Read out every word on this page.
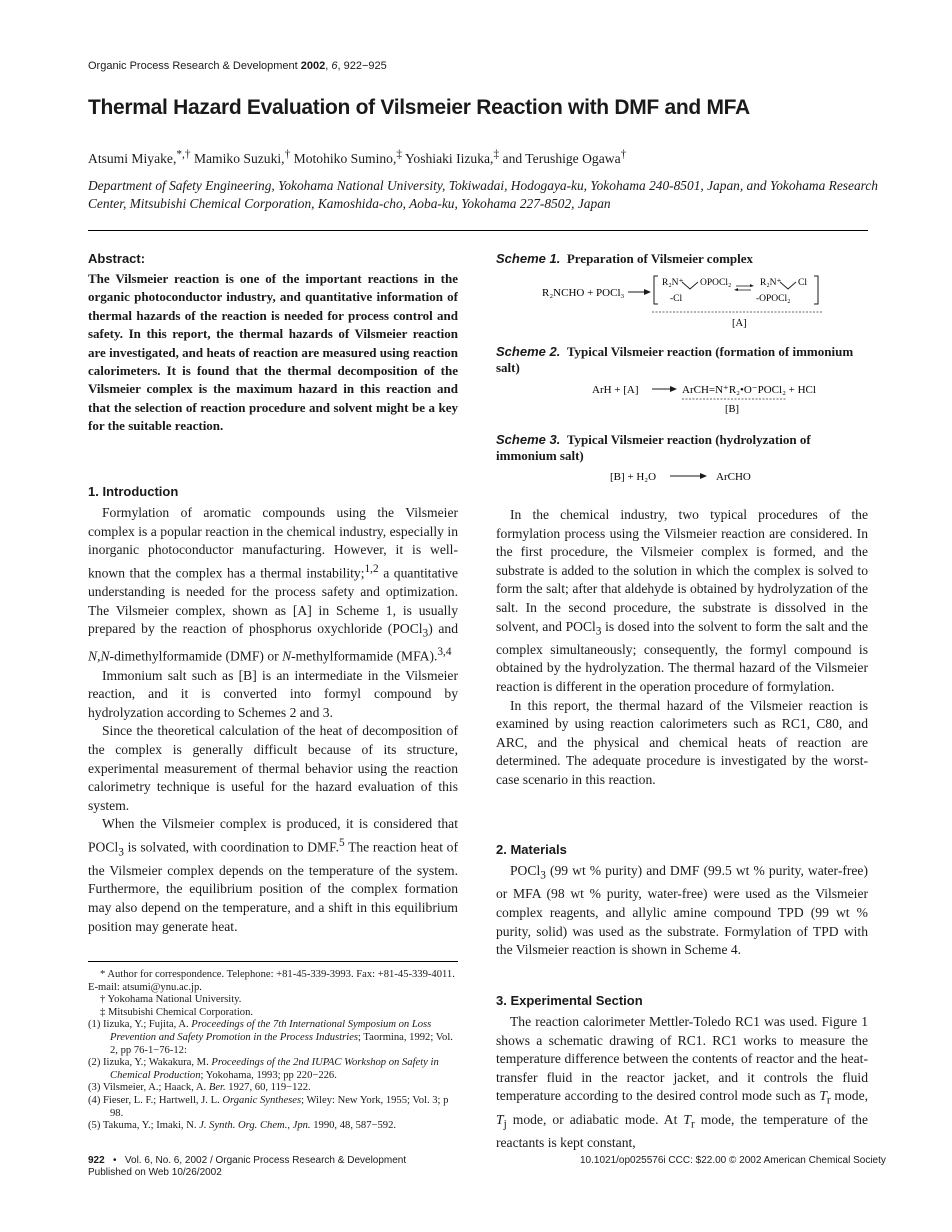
Organic Process Research & Development 2002, 6, 922−925
Thermal Hazard Evaluation of Vilsmeier Reaction with DMF and MFA
Atsumi Miyake,*,† Mamiko Suzuki,† Motohiko Sumino,‡ Yoshiaki Iizuka,‡ and Terushige Ogawa†
Department of Safety Engineering, Yokohama National University, Tokiwadai, Hodogaya-ku, Yokohama 240-8501, Japan, and Yokohama Research Center, Mitsubishi Chemical Corporation, Kamoshida-cho, Aoba-ku, Yokohama 227-8502, Japan
Abstract:
The Vilsmeier reaction is one of the important reactions in the organic photoconductor industry, and quantitative information of thermal hazards of the reaction is needed for process control and safety. In this report, the thermal hazards of Vilsmeier reaction are investigated, and heats of reaction are measured using reaction calorimeters. It is found that the thermal decomposition of the Vilsmeier complex is the maximum hazard in this reaction and that the selection of reaction procedure and solvent might be a key for the suitable reaction.
1. Introduction

Formylation of aromatic compounds using the Vilsmeier complex is a popular reaction in the chemical industry, especially in inorganic photoconductor manufacturing. However, it is well-known that the complex has a thermal instability;$^{1,2}$ a quantitative understanding is needed for the process safety and optimization. The Vilsmeier complex, shown as [A] in Scheme 1, is usually prepared by the reaction of phosphorus oxychloride (POCl$_3$) and N,N-dimethylformamide (DMF) or N-methylformamide (MFA).$^{3,4}$

Immonium salt such as [B] is an intermediate in the Vilsmeier reaction, and it is converted into formyl compound by hydrolyzation according to Schemes 2 and 3.

Since the theoretical calculation of the heat of decomposition of the complex is generally difficult because of its structure, experimental measurement of thermal behavior using the reaction calorimetry technique is useful for the hazard evaluation of this system.

When the Vilsmeier complex is produced, it is considered that POCl$_3$ is solvated, with coordination to DMF.$^5$ The reaction heat of the Vilsmeier complex depends on the temperature of the system. Furthermore, the equilibrium position of the complex formation may also depend on the temperature, and a shift in this equilibrium position may generate heat.

* Author for correspondence. Telephone: +81-45-339-3993. Fax: +81-45-339-4011. E-mail: atsumi@ynu.ac.jp.

† Yokohama National University.

‡ Mitsubishi Chemical Corporation.

(1) Iizuka, Y.; Fujita, A. Proceedings of the 7th International Symposium on Loss Prevention and Safety Promotion in the Process Industries; Taormina, 1992; Vol. 2, pp 76-1−76-12:

(2) Iizuka, Y.; Wakakura, M. Proceedings of the 2nd IUPAC Workshop on Safety in Chemical Production; Yokohama, 1993; pp 220−226.

(3) Vilsmeier, A.; Haack, A. Ber. 1927, 60, 119−122.

(4) Fieser, L. F.; Hartwell, J. L. Organic Syntheses; Wiley: New York, 1955; Vol. 3; p 98.

(5) Takuma, Y.; Imaki, N. J. Synth. Org. Chem., Jpn. 1990, 48, 587−592.

Scheme 1. Preparation of Vilsmeier complex
R₂NCHO + POCl₃
R₂N⁺ OPOCl₂	R₂N⁺ Cl
-Cl	-OPOCl₂
[A]
Scheme 2. Typical Vilsmeier reaction (formation of immonium salt)
ArH + [A]	ArCH=N⁺R₂•O⁻POCl₂ + HCl
[B]
Scheme 3. Typical Vilsmeier reaction (hydrolyzation of immonium salt)
[B] + H₂O	ArCHO

In the chemical industry, two typical procedures of the formylation process using the Vilsmeier reaction are considered. In the first procedure, the Vilsmeier complex is formed, and the substrate is added to the solution in which the complex is solved to form the salt; after that aldehyde is obtained by hydrolyzation of the salt. In the second procedure, the substrate is dissolved in the solvent, and POCl$_3$ is dosed into the solvent to form the salt and the complex simultaneously; consequently, the formyl compound is obtained by the hydrolyzation. The thermal hazard of the Vilsmeier reaction is different in the operation procedure of formylation.

In this report, the thermal hazard of the Vilsmeier reaction is examined by using reaction calorimeters such as RC1, C80, and ARC, and the physical and chemical heats of reaction are determined. The adequate procedure is investigated by the worst-case scenario in this reaction.

2. Materials

POCl$_3$ (99 wt % purity) and DMF (99.5 wt % purity, water-free) or MFA (98 wt % purity, water-free) were used as the Vilsmeier complex reagents, and allylic amine compound TPD (99 wt % purity, solid) was used as the substrate. Formylation of TPD with the Vilsmeier reaction is shown in Scheme 4.

3. Experimental Section

The reaction calorimeter Mettler-Toledo RC1 was used. Figure 1 shows a schematic drawing of RC1. RC1 works to measure the temperature difference between the contents of reactor and the heat-transfer fluid in the reactor jacket, and it controls the fluid temperature according to the desired control mode such as $T_r$ mode, $T_j$ mode, or adiabatic mode. At $T_r$ mode, the temperature of the reactants is kept constant,

922 • Vol. 6, No. 6, 2002 / Organic Process Research & Development
Published on Web 10/26/2002
10.1021/op025576i CCC: $22.00 © 2002 American Chemical Society
